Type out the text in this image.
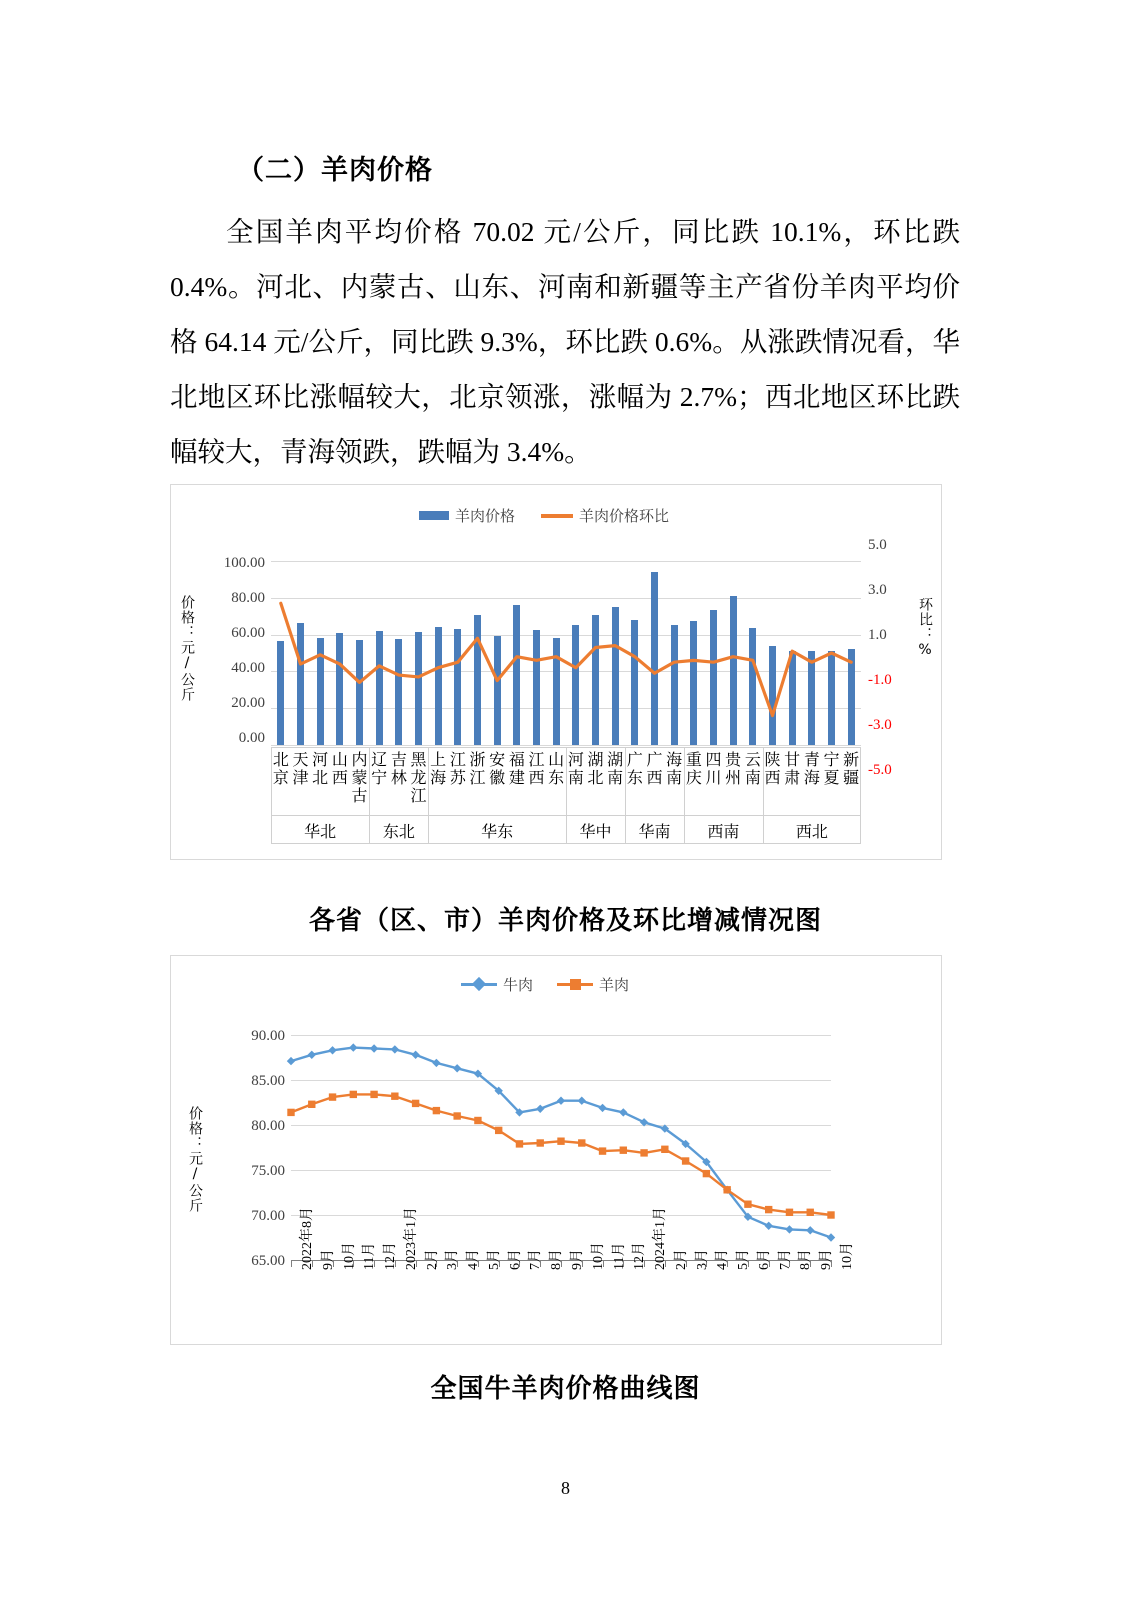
（二）羊肉价格
全国羊肉平均价格 70.02 元/公斤，同比跌 10.1%，环比跌 0.4%。河北、内蒙古、山东、河南和新疆等主产省份羊肉平均价格 64.14 元/公斤，同比跌 9.3%，环比跌 0.6%。从涨跌情况看，华北地区环比涨幅较大，北京领涨，涨幅为 2.7%；西北地区环比跌幅较大，青海领跌，跌幅为 3.4%。
羊肉价格	羊肉价格环比
价格：元/公斤	环比：%
100.00
80.00
60.00
40.00
20.00
0.00
5.0
3.0
1.0
-1.0
-3.0
-5.0
北京
天津
河北
山西
内蒙古
辽宁
吉林
黑龙江
上海
江苏
浙江
安徽
福建
江西
山东
河南
湖北
湖南
广东
广西
海南
重庆
四川
贵州
云南
陕西
甘肃
青海
宁夏
新疆
华北	东北	华东	华中	华南	西南	西北
各省（区、市）羊肉价格及环比增减情况图
牛肉	羊肉
价格：元/公斤
90.00
85.00
80.00
75.00
70.00
65.00 2022年8月 9月 10月 11月 12月 2023年1月 2月 3月 4月 5月 6月 7月 8月 9月 10月 11月 12月 2024年1月 2月 3月 4月 5月 6月 7月 8月 9月 10月
全国牛羊肉价格曲线图
8
